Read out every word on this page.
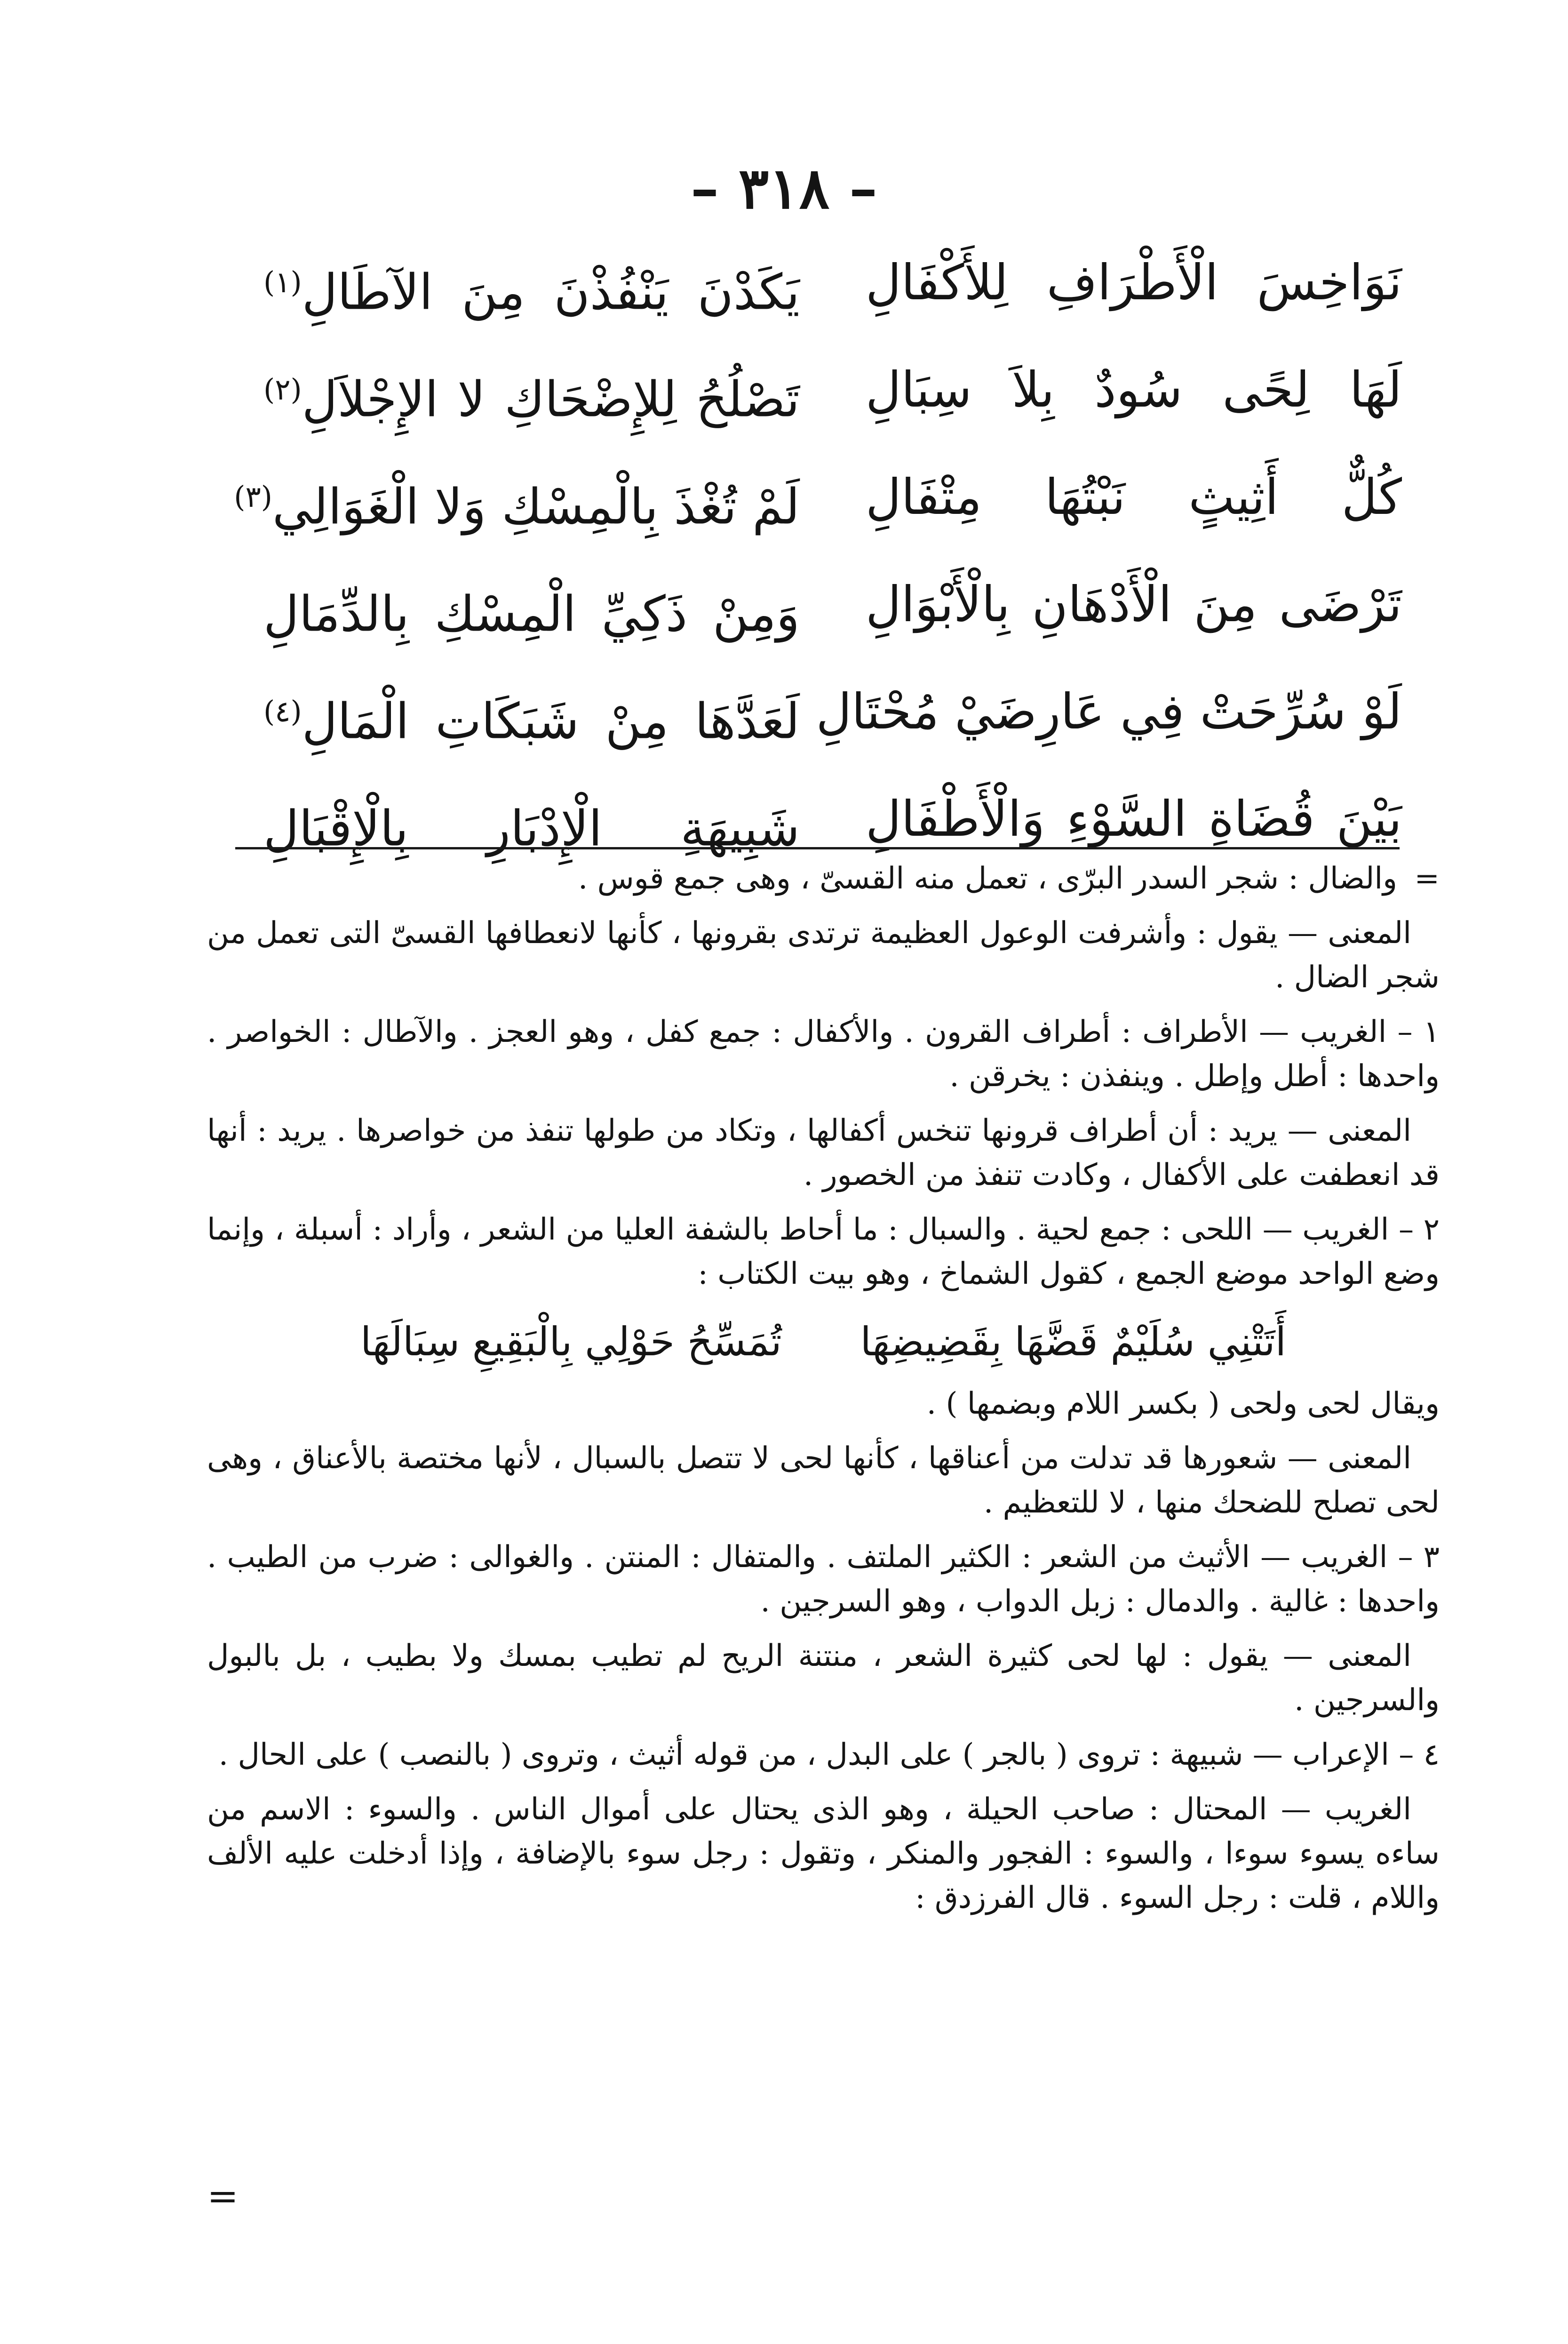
– ٣١٨ –
نَوَاخِسَ الْأَطْرَافِ لِلأَكْفَالِ
يَكَدْنَ يَنْفُذْنَ مِنَ الآطَالِ$^{(١)}$
لَهَا لِحًى سُودٌ بِلاَ سِبَالِ
تَصْلُحُ لِلإِضْحَاكِ لا الإِجْلاَلِ$^{(٢)}$
كُلٌّ أَثِيثٍ نَبْتُهَا مِتْفَالِ
لَمْ تُغْذَ بِالْمِسْكِ وَلا الْغَوَالِي$^{(٣)}$
تَرْضَى مِنَ الْأَدْهَانِ بِالْأَبْوَالِ
وَمِنْ ذَكِيِّ الْمِسْكِ بِالدِّمَالِ
لَوْ سُرِّحَتْ فِي عَارِضَيْ مُحْتَالِ
لَعَدَّهَا مِنْ شَبَكَاتِ الْمَالِ$^{(٤)}$
بَيْنَ قُضَاةِ السَّوْءِ وَالْأَطْفَالِ
شَبِيهَةِ الْإِدْبَارِ بِالْإِقْبَالِ

=
والضال : شجر السدر البرّى ، تعمل منه القسىّ ، وهى جمع قوس .

المعنى — يقول : وأشرفت الوعول العظيمة ترتدى بقرونها ، كأنها لانعطافها القسىّ التى تعمل من شجر الضال .

١ – الغريب — الأطراف : أطراف القرون . والأكفال : جمع كفل ، وهو العجز . والآطال : الخواصر . واحدها : أطل وإطل . وينفذن : يخرقن .

المعنى — يريد : أن أطراف قرونها تنخس أكفالها ، وتكاد من طولها تنفذ من خواصرها . يريد : أنها قد انعطفت على الأكفال ، وكادت تنفذ من الخصور .

٢ – الغريب — اللحى : جمع لحية . والسبال : ما أحاط بالشفة العليا من الشعر ، وأراد : أسبلة ، وإنما وضع الواحد موضع الجمع ، كقول الشماخ ، وهو بيت الكتاب :

أَتَتْنِي سُلَيْمٌ قَضَّهَا بِقَضِيضِهَا تُمَسِّحُ حَوْلِي بِالْبَقِيعِ سِبَالَهَا

ويقال لحى ولحى ( بكسر اللام وبضمها ) .

المعنى — شعورها قد تدلت من أعناقها ، كأنها لحى لا تتصل بالسبال ، لأنها مختصة بالأعناق ، وهى لحى تصلح للضحك منها ، لا للتعظيم .

٣ – الغريب — الأثيث من الشعر : الكثير الملتف . والمتفال : المنتن . والغوالى : ضرب من الطيب . واحدها : غالية . والدمال : زبل الدواب ، وهو السرجين .

المعنى — يقول : لها لحى كثيرة الشعر ، منتنة الريح لم تطيب بمسك ولا بطيب ، بل بالبول والسرجين .

٤ – الإعراب — شبيهة : تروى ( بالجر ) على البدل ، من قوله أثيث ، وتروى ( بالنصب ) على الحال .

الغريب — المحتال : صاحب الحيلة ، وهو الذى يحتال على أموال الناس . والسوء : الاسم من ساءه يسوء سوءا ، والسوء : الفجور والمنكر ، وتقول : رجل سوء بالإضافة ، وإذا أدخلت عليه الألف واللام ، قلت : رجل السوء . قال الفرزدق :

=
